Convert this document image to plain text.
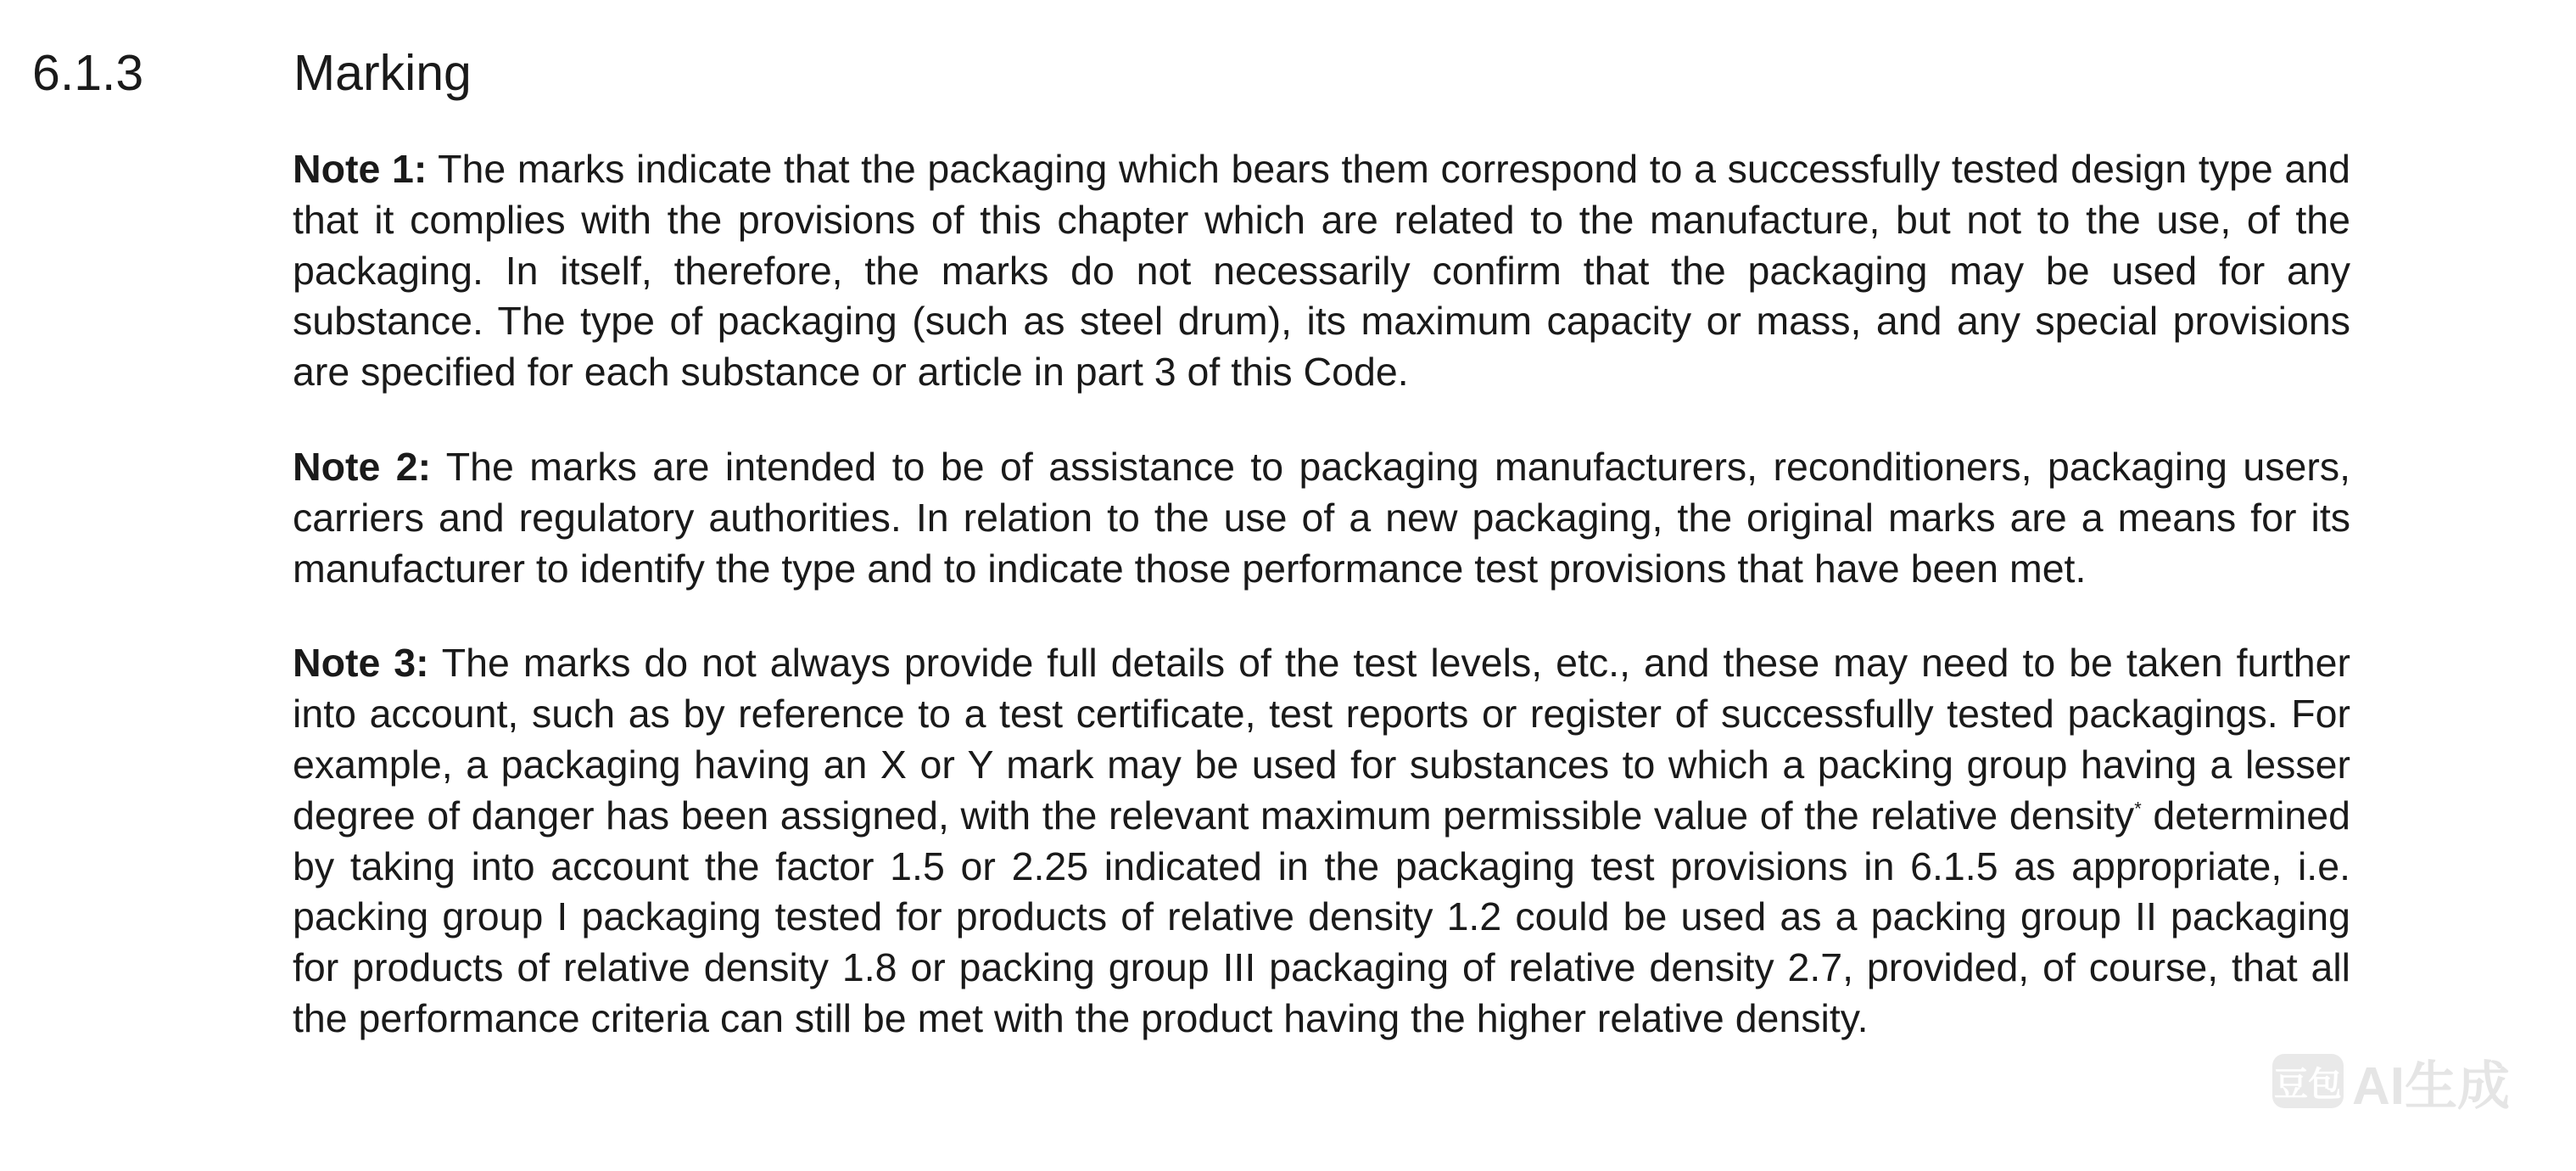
6.1.3	Marking

Note 1: The marks indicate that the packaging which bears them correspond to a successfully tested design type and that it complies with the provisions of this chapter which are related to the manufacture, but not to the use, of the packaging. In itself, therefore, the marks do not necessarily confirm that the packaging may be used for any substance. The type of packaging (such as steel drum), its maximum capacity or mass, and any special provisions are specified for each substance or article in part 3 of this Code.

Note 2: The marks are intended to be of assistance to packaging manufacturers, reconditioners, packaging users, carriers and regulatory authorities. In relation to the use of a new packaging, the original marks are a means for its manufacturer to identify the type and to indicate those performance test provisions that have been met.

Note 3: The marks do not always provide full details of the test levels, etc., and these may need to be taken further into account, such as by reference to a test certificate, test reports or register of successfully tested packagings. For example, a packaging having an X or Y mark may be used for substances to which a packing group having a lesser degree of danger has been assigned, with the relevant maximum permissible value of the relative density* determined by taking into account the factor 1.5 or 2.25 indicated in the packaging test provisions in 6.1.5 as appropriate, i.e. packing group I packaging tested for products of relative density 1.2 could be used as a packing group II packaging for products of relative density 1.8 or packing group III packaging of relative density 2.7, provided, of course, that all the performance criteria can still be met with the product having the higher relative density.

豆包 AI生成
